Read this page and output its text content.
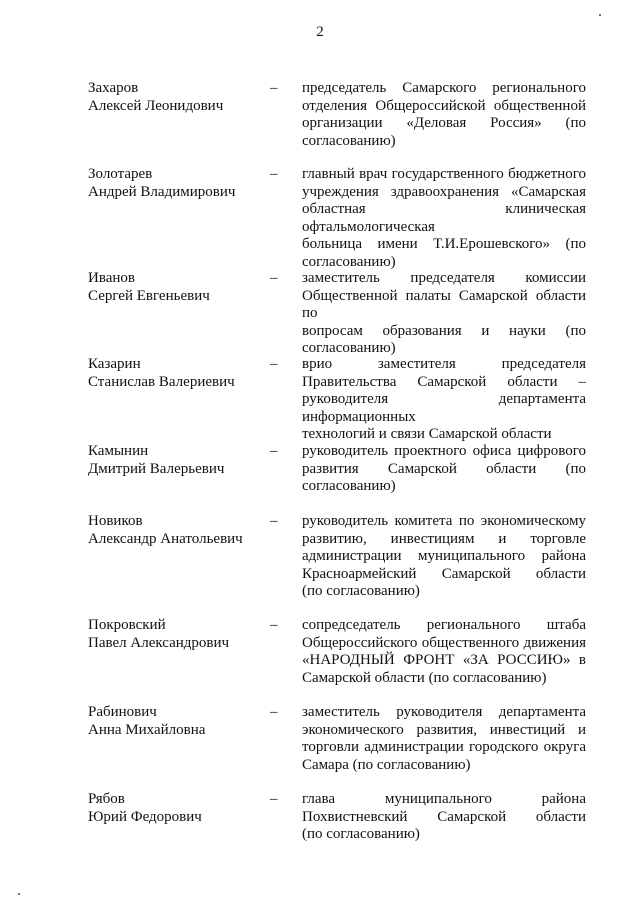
2
Захаров
Алексей Леонидович
–	председатель Самарского регионального
отделения Общероссийской общественной
организации «Деловая Россия» (по
согласованию)
Золотарев
Андрей Владимирович
–	главный врач государственного бюджетного
учреждения здравоохранения «Самарская
областная клиническая офтальмологическая
больница имени Т.И.Ерошевского» (по
согласованию)
Иванов
Сергей Евгеньевич
–	заместитель председателя комиссии
Общественной палаты Самарской области по
вопросам образования и науки (по
согласованию)
Казарин
Станислав Валериевич
–	врио заместителя председателя
Правительства Самарской области –
руководителя департамента информационных
технологий и связи Самарской области
Камынин
Дмитрий Валерьевич
–	руководитель проектного офиса цифрового
развития Самарской области (по
согласованию)
Новиков
Александр Анатольевич
–	руководитель комитета по экономическому
развитию, инвестициям и торговле
администрации муниципального района
Красноармейский Самарской области
(по согласованию)
Покровский
Павел Александрович
–	сопредседатель регионального штаба
Общероссийского общественного движения
«НАРОДНЫЙ ФРОНТ «ЗА РОССИЮ» в
Самарской области (по согласованию)
Рабинович
Анна Михайловна
–	заместитель руководителя департамента
экономического развития, инвестиций и
торговли администрации городского округа
Самара (по согласованию)
Рябов
Юрий Федорович
–	глава муниципального района
Похвистневский Самарской области
(по согласованию)
